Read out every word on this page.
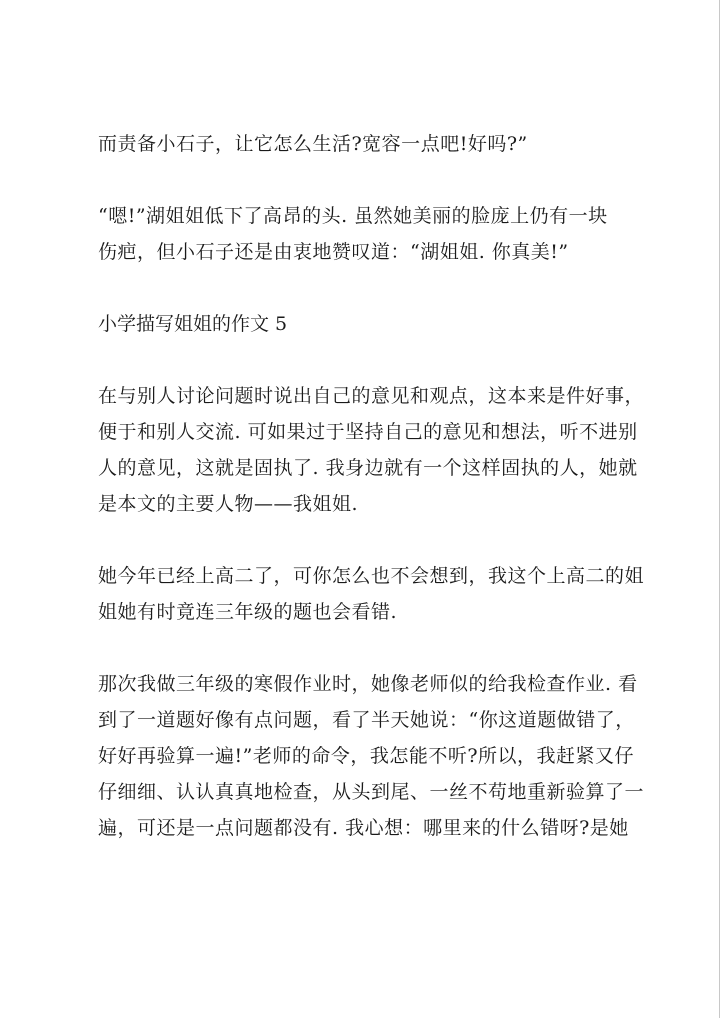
而责备小石子，让它怎么生活?宽容一点吧!好吗?”
“嗯!”湖姐姐低下了高昂的头. 虽然她美丽的脸庞上仍有一块
伤疤，但小石子还是由衷地赞叹道：“湖姐姐. 你真美!”
小学描写姐姐的作文 5
在与别人讨论问题时说出自己的意见和观点，这本来是件好事，
便于和别人交流. 可如果过于坚持自己的意见和想法，听不进别
人的意见，这就是固执了. 我身边就有一个这样固执的人，她就
是本文的主要人物——我姐姐.
她今年已经上高二了，可你怎么也不会想到，我这个上高二的姐
姐她有时竟连三年级的题也会看错.
那次我做三年级的寒假作业时，她像老师似的给我检查作业. 看
到了一道题好像有点问题，看了半天她说：“你这道题做错了，
好好再验算一遍!”老师的命令，我怎能不听?所以，我赶紧又仔
仔细细、认认真真地检查，从头到尾、一丝不苟地重新验算了一
遍，可还是一点问题都没有. 我心想：哪里来的什么错呀?是她
